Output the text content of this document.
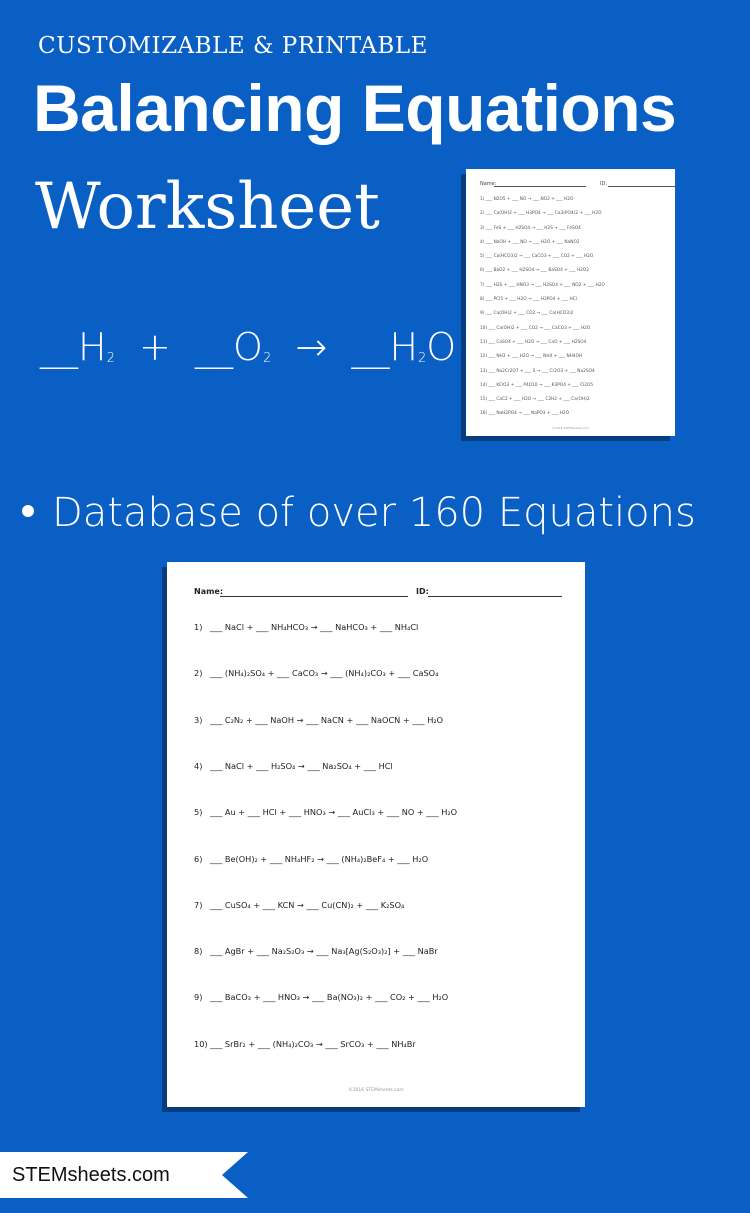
CUSTOMIZABLE & PRINTABLE
Balancing Equations
Worksheet
$\_\_H_2$ + $\_\_O_2$ → $\_\_H_2O$
Name:	ID:
1) ___ N2O5 + ___ NO → ___ NO2 + ___ H2O
2) ___ Ca(OH)2 + ___ H3PO4 → ___ Ca3(PO4)2 + ___ H2O
3) ___ FeS + ___ H2SO4 → ___ H2S + ___ FeSO4
4) ___ NaOH + ___ NO → ___ H2O + ___ NaNO2
5) ___ Ca(HCO3)2 → ___ CaCO3 + ___ CO2 + ___ H2O
6) ___ BaO2 + ___ H2SO4 → ___ BaSO4 + ___ H2O2
7) ___ H2S + ___ HNO3 → ___ H2SO4 + ___ NO2 + ___ H2O
8) ___ PCl5 + ___ H2O → ___ H3PO4 + ___ HCl
9) ___ Ca(OH)2 + ___ CO2 → ___ Ca(HCO3)2
10) ___ Ca(OH)2 + ___ CO2 → ___ CaCO3 + ___ H2O
11) ___ CaSO4 + ___ H2O → ___ CaO + ___ H2SO4
12) ___ NH3 + ___ H2O → ___ NH4 + ___ NH4OH
13) ___ Na2Cr2O7 + ___ S → ___ Cr2O3 + ___ Na2SO4
14) ___ KClO3 + ___ P4O10 → ___ K3PO4 + ___ Cl2O5
15) ___ CaC2 + ___ H2O → ___ C2H2 + ___ Ca(OH)2
16) ___ NaH2PO4 → ___ NaPO3 + ___ H2O
©2016 STEMsheets.com
Database of over 160 Equations
Name:	ID:
1) ___ NaCl + ___ NH₄HCO₃ → ___ NaHCO₃ + ___ NH₄Cl
2) ___ (NH₄)₂SO₄ + ___ CaCO₃ → ___ (NH₄)₂CO₃ + ___ CaSO₄
3) ___ C₂N₂ + ___ NaOH → ___ NaCN + ___ NaOCN + ___ H₂O
4) ___ NaCl + ___ H₂SO₄ → ___ Na₂SO₄ + ___ HCl
5) ___ Au + ___ HCl + ___ HNO₃ → ___ AuCl₃ + ___ NO + ___ H₂O
6) ___ Be(OH)₂ + ___ NH₄HF₂ → ___ (NH₄)₂BeF₄ + ___ H₂O
7) ___ CuSO₄ + ___ KCN → ___ Cu(CN)₂ + ___ K₂SO₄
8) ___ AgBr + ___ Na₂S₂O₃ → ___ Na₃[Ag(S₂O₃)₂] + ___ NaBr
9) ___ BaCO₃ + ___ HNO₃ → ___ Ba(NO₃)₂ + ___ CO₂ + ___ H₂O
10) ___ SrBr₂ + ___ (NH₄)₂CO₃ → ___ SrCO₃ + ___ NH₄Br
©2016 STEMsheets.com
STEMsheets.com
